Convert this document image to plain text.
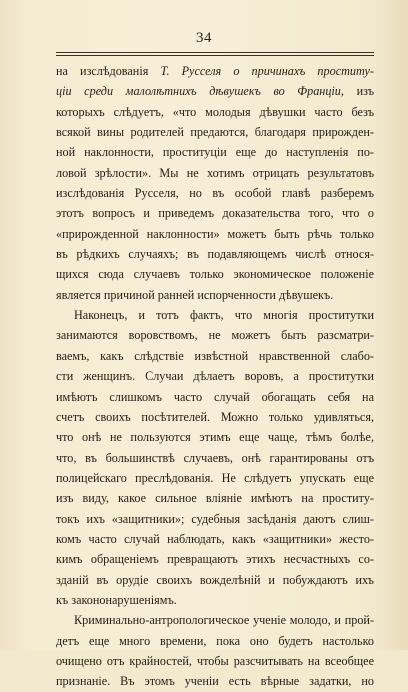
34
на изслѣдованія Т. Русселя о причинахъ проститу-
ціи среди малолѣтнихъ дѣвушекъ во Франціи, изъ
которыхъ слѣдуетъ, «что молодыя дѣвушки часто безъ
всякой вины родителей предаются, благодаря прирожден-
ной наклонности, проституціи еще до наступленія по-
ловой зрѣлости». Мы не хотимъ отрицать результатовъ
изслѣдованія Русселя, но въ особой главѣ разберемъ
этотъ вопросъ и приведемъ доказательства того, что о
«прирожденной наклонности» можетъ быть рѣчь только
въ рѣдкихъ случаяхъ; въ подавляющемъ числѣ относя-
щихся сюда случаевъ только экономическое положеніе
является причиной ранней испорченности дѣвушекъ.
Наконецъ, и тотъ фактъ, что многія проститутки
занимаются воровствомъ, не можетъ быть разсматри-
ваемъ, какъ слѣдствіе извѣстной нравственной слабо-
сти женщинъ. Случаи дѣлаетъ воровъ, а проститутки
имѣютъ слишкомъ часто случай обогащать себя на
счетъ своихъ посѣтителей. Можно только удивляться,
что онѣ не пользуются этимъ еще чаще, тѣмъ болѣе,
что, въ большинствѣ случаевъ, онѣ гарантированы отъ
полицейскаго преслѣдованія. Не слѣдуетъ упускать еще
изъ виду, какое сильное вліяніе имѣютъ на проститу-
токъ ихъ «защитники»; судебныя засѣданія даютъ слиш-
комъ часто случай наблюдать, какъ «защитники» жесто-
кимъ обращеніемъ превращаютъ этихъ несчастныхъ со-
зданій въ орудіе своихъ вожделѣній и побуждаютъ ихъ
къ закононарушеніямъ.
Криминально-антропологическое ученіе молодо, и прой-
детъ еще много времени, пока оно будетъ настолько
очищено отъ крайностей, чтобы разсчитывать на всеобщее
признаніе. Въ этомъ ученіи есть вѣрные задатки, но
